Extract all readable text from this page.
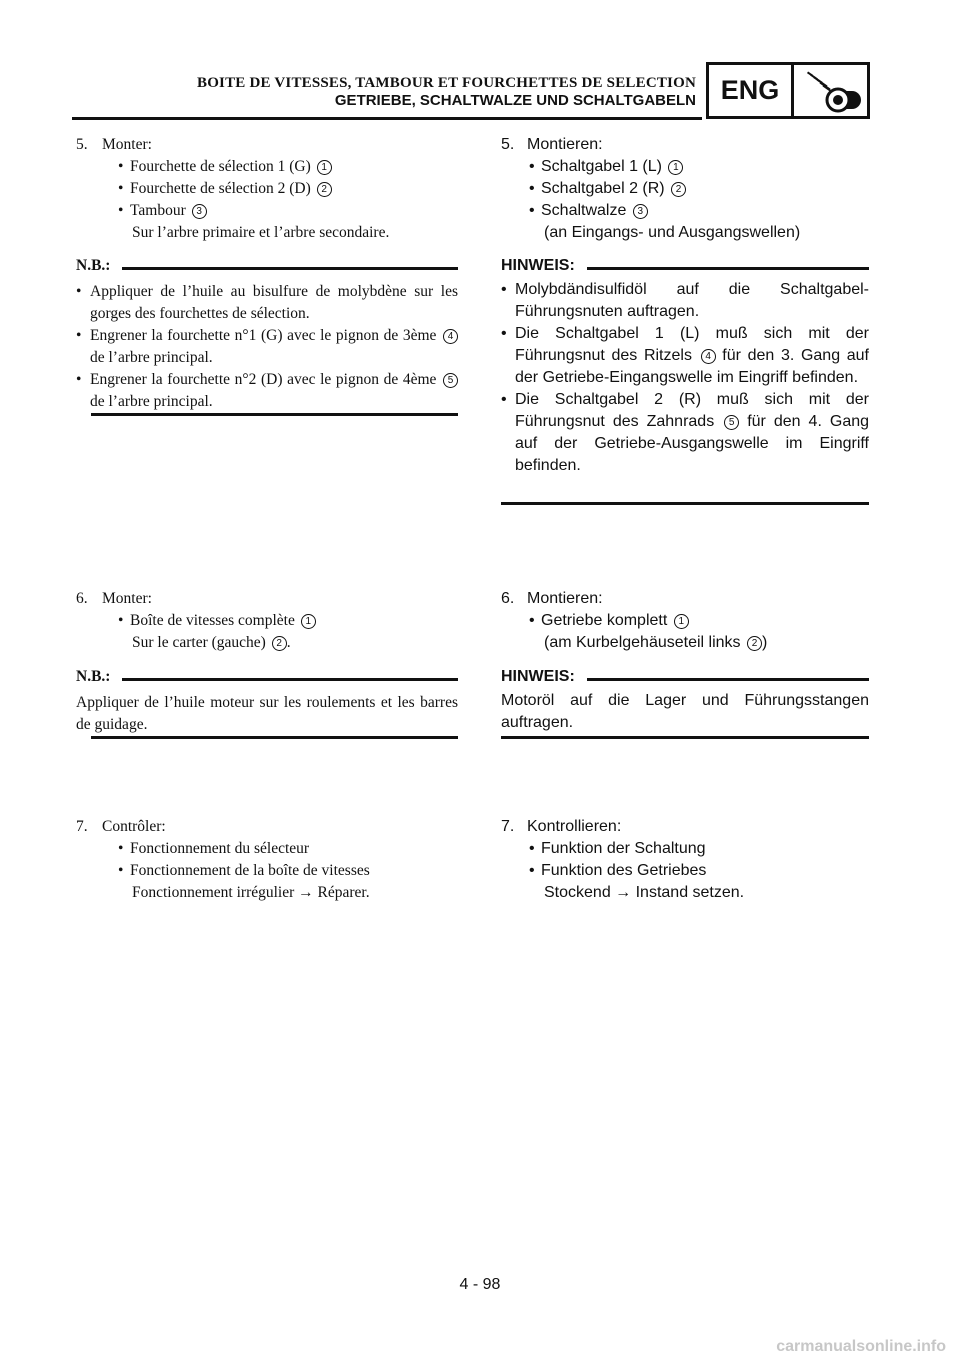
BOITE DE VITESSES, TAMBOUR ET FOURCHETTES DE SELECTION
GETRIEBE, SCHALTWALZE UND SCHALTGABELN ENG
5. Monter:
• Fourchette de sélection 1 (G) 1
• Fourchette de sélection 2 (D) 2
• Tambour 3
Sur l’arbre primaire et l’arbre secondaire.
N.B.:
• Appliquer de l’huile au bisulfure de molybdène sur les gorges des fourchettes de sélection.
• Engrener la fourchette n°1 (G) avec le pignon de 3ème 4 de l’arbre principal.
• Engrener la fourchette n°2 (D) avec le pignon de 4ème 5 de l’arbre principal.
6. Monter:
• Boîte de vitesses complète 1
Sur le carter (gauche) 2 .
N.B.:
Appliquer de l’huile moteur sur les roulements et les barres de guidage.
7. Contrôler:
• Fonctionnement du sélecteur
• Fonctionnement de la boîte de vitesses
Fonctionnement irrégulier → Réparer.
5. Montieren:
• Schaltgabel 1 (L) 1
• Schaltgabel 2 (R) 2
• Schaltwalze 3
(an Eingangs- und Ausgangswellen)
HINWEIS:
• Molybdändisulfidöl auf die Schaltgabel-Führungsnuten auftragen.
• Die Schaltgabel 1 (L) muß sich mit der Führungsnut des Ritzels 4 für den 3. Gang auf der Getriebe-Eingangswelle im Eingriff befinden.
• Die Schaltgabel 2 (R) muß sich mit der Führungsnut des Zahnrads 5 für den 4. Gang auf der Getriebe-Ausgangswelle im Eingriff befinden.
6. Montieren:
• Getriebe komplett 1
(am Kurbelgehäuseteil links 2 )
HINWEIS:
Motoröl auf die Lager und Führungsstangen auftragen.
7. Kontrollieren:
• Funktion der Schaltung
• Funktion des Getriebes
Stockend → Instand setzen.
4 - 98
carmanualsonline.info
